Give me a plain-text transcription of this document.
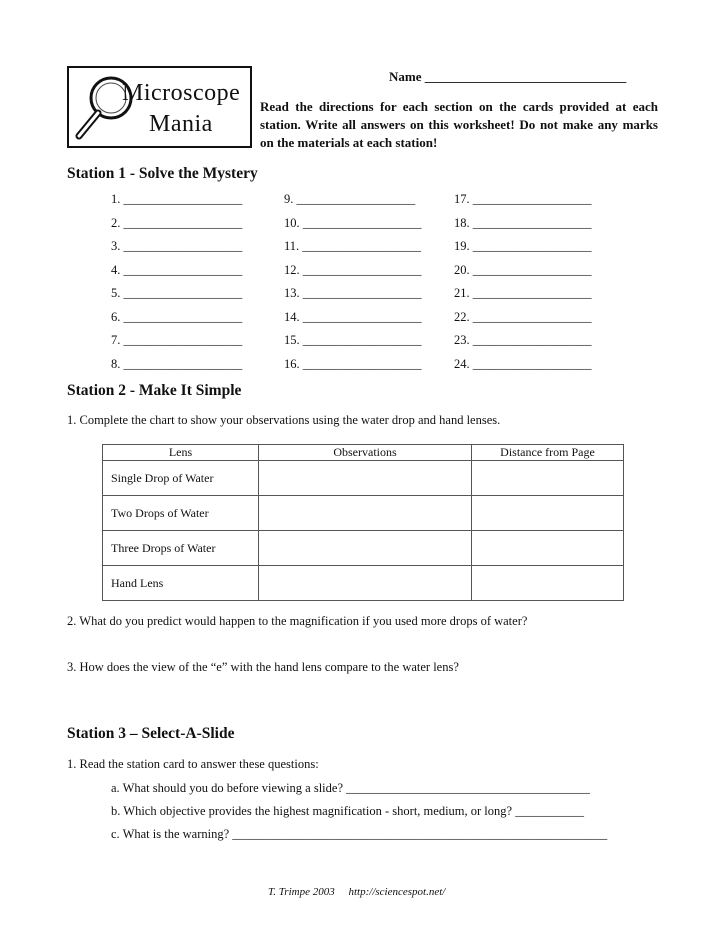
Microscope
Mania
Name _______________________________
Read the directions for each section on the cards provided at each station. Write all answers on this worksheet! Do not make any marks on the materials at each station!
Station 1 - Solve the Mystery
1. ___________________
2. ___________________
3. ___________________
4. ___________________
5. ___________________
6. ___________________
7. ___________________
8. ___________________
9. ___________________
10. ___________________
11. ___________________
12. ___________________
13. ___________________
14. ___________________
15. ___________________
16. ___________________
17. ___________________
18. ___________________
19. ___________________
20. ___________________
21. ___________________
22. ___________________
23. ___________________
24. ___________________
Station 2 - Make It Simple
1. Complete the chart to show your observations using the water drop and hand lenses.
Lens	Observations	Distance from Page
Single Drop of Water		
Two Drops of Water		
Three Drops of Water		
Hand Lens		
2. What do you predict would happen to the magnification if you used more drops of water?
3. How does the view of the “e” with the hand lens compare to the water lens?
Station 3 – Select-A-Slide
1. Read the station card to answer these questions:
a. What should you do before viewing a slide? _______________________________________
b. Which objective provides the highest magnification - short, medium, or long? ___________
c. What is the warning? ____________________________________________________________
T. Trimpe 2003 http://sciencespot.net/
